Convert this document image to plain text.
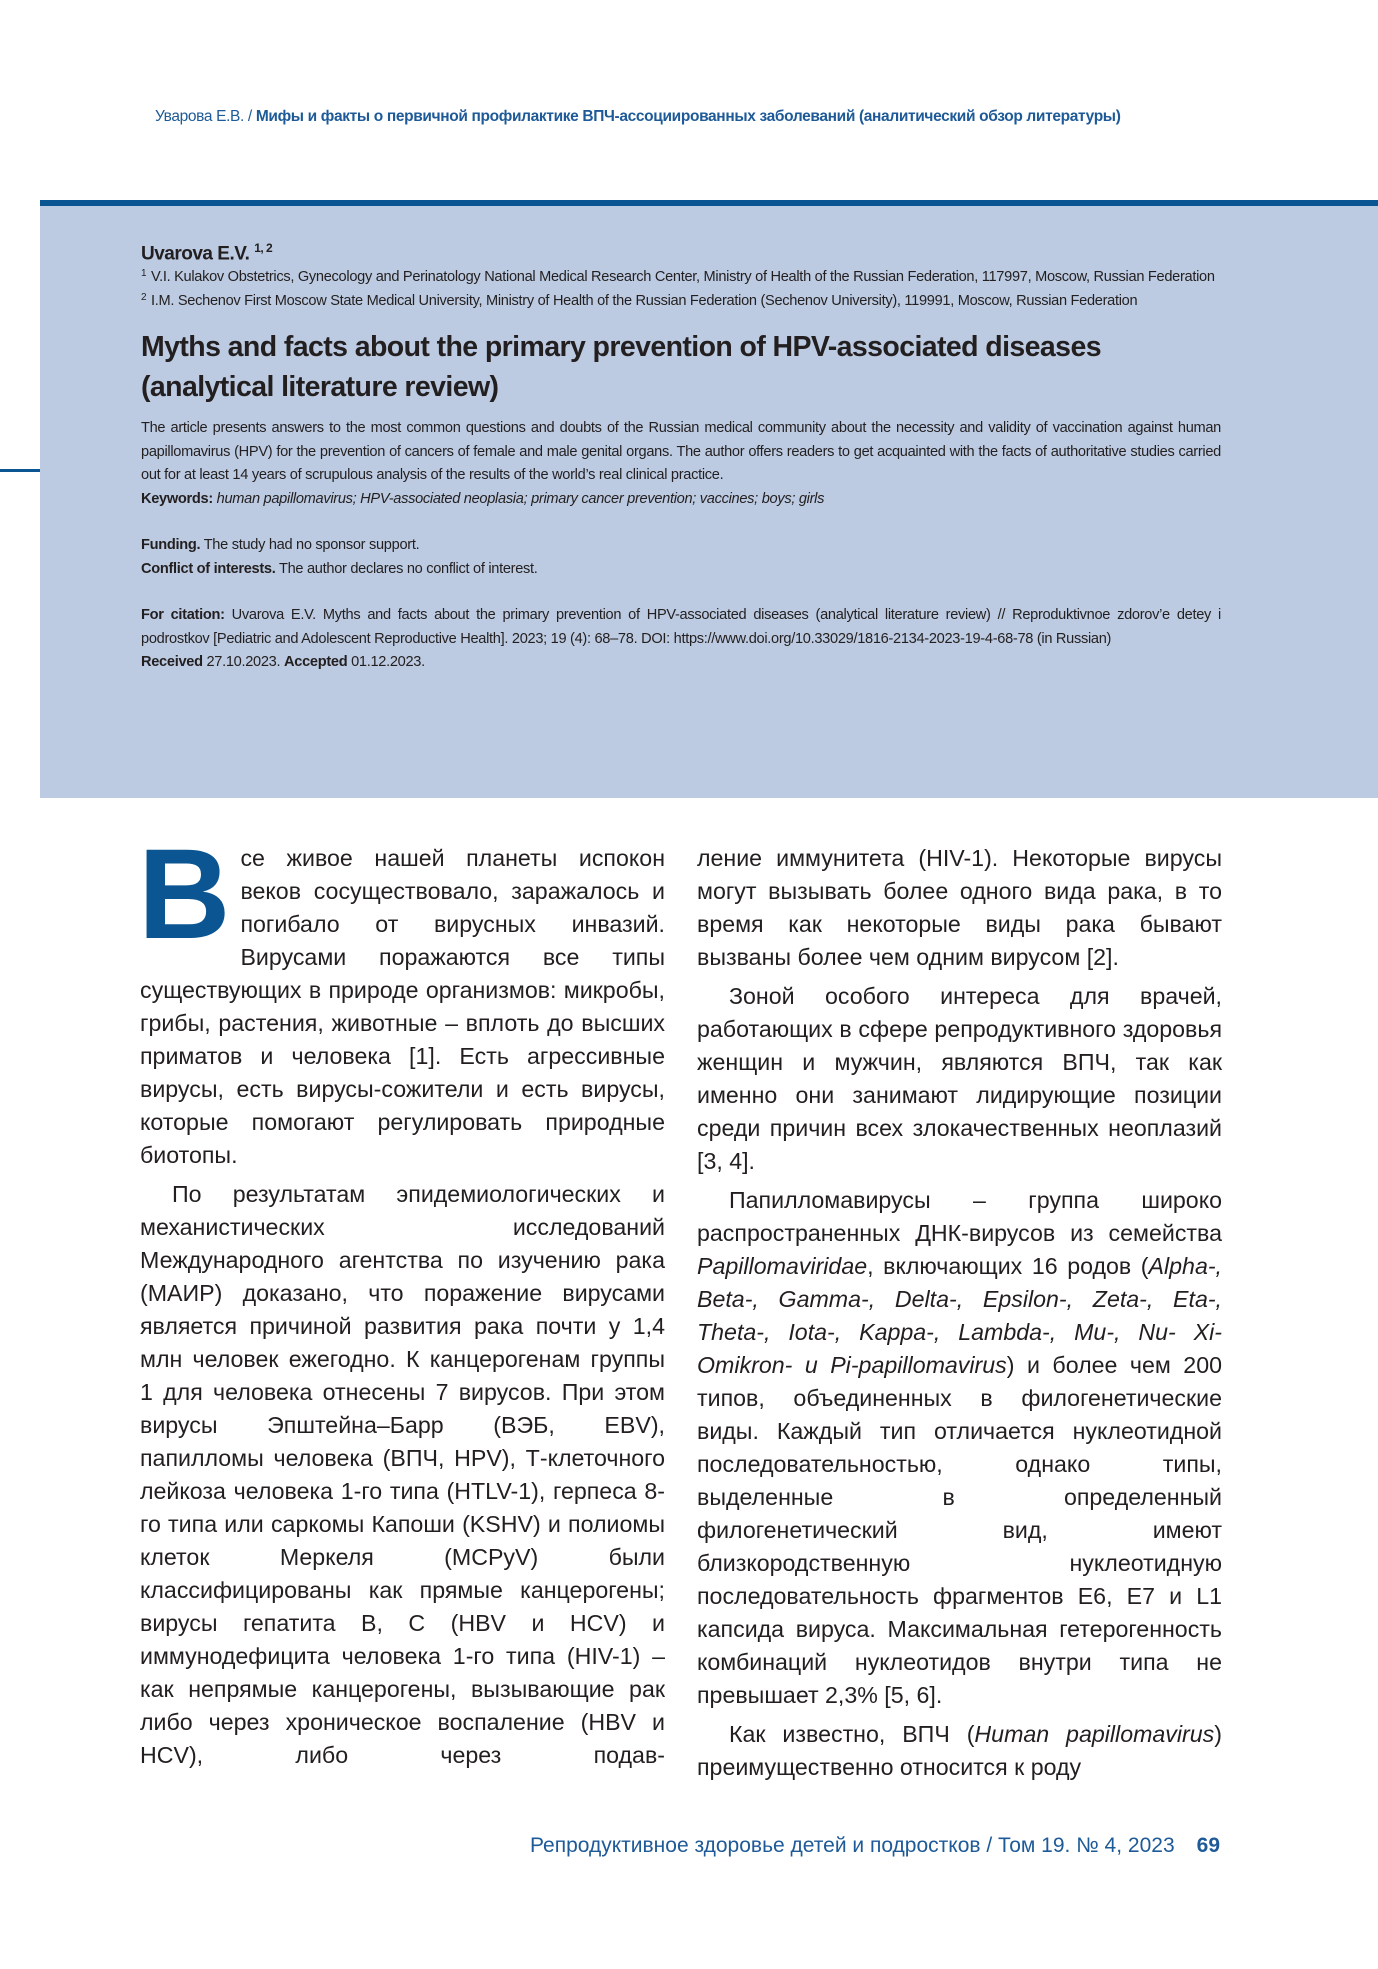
Уварова Е.В. / Мифы и факты о первичной профилактике ВПЧ-ассоциированных заболеваний (аналитический обзор литературы)
Uvarova E.V. $^{1, 2}$
1 V.I. Kulakov Obstetrics, Gynecology and Perinatology National Medical Research Center, Ministry of Health of the Russian Federation, 117997, Moscow, Russian Federation
2 I.M. Sechenov First Moscow State Medical University, Ministry of Health of the Russian Federation (Sechenov University), 119991, Moscow, Russian Federation
Myths and facts about the primary prevention of HPV-associated diseases
(analytical literature review)
The article presents answers to the most common questions and doubts of the Russian medical community about the necessity and validity of vaccination against human papillomavirus (HPV) for the prevention of cancers of female and male genital organs. The author offers readers to get acquainted with the facts of authoritative studies carried out for at least 14 years of scrupulous analysis of the results of the world’s real clinical practice.
Keywords: human papillomavirus; HPV-associated neoplasia; primary cancer prevention; vaccines; boys; girls
Funding. The study had no sponsor support.
Conflict of interests. The author declares no conflict of interest.
For citation: Uvarova E.V. Myths and facts about the primary prevention of HPV-associated diseases (analytical literature review) // Reproduktivnoe zdorov’e detey i podrostkov [Pediatric and Adolescent Reproductive Health]. 2023; 19 (4): 68–78. DOI: https://www.doi.org/10.33029/1816-2134-2023-19-4-68-78 (in Russian)
Received 27.10.2023. Accepted 01.12.2023.

Все живое нашей планеты испокон веков сосуществовало, заражалось и погибало от вирусных инвазий. Вирусами поражаются все типы существующих в природе организмов: микробы, грибы, растения, животные – вплоть до высших приматов и человека [1]. Есть агрессивные вирусы, есть вирусы-сожители и есть вирусы, которые помогают регулировать природные биотопы.

По результатам эпидемиологических и механистических исследований Международного агентства по изучению рака (МАИР) доказано, что поражение вирусами является причиной развития рака почти у 1,4 млн человек ежегодно. К канцерогенам группы 1 для человека отнесены 7 вирусов. При этом вирусы Эпштейна–Барр (ВЭБ, EBV), папилломы человека (ВПЧ, HPV), Т-клеточного лейкоза человека 1-го типа (HTLV-1), герпеса 8-го типа или саркомы Капоши (KSHV) и полиомы клеток Меркеля (MCPyV) были классифицированы как прямые канцерогены; вирусы гепатита В, С (HBV и HCV) и иммунодефицита человека 1-го типа (HIV-1) – как непрямые канцерогены, вызывающие рак либо через хроническое воспаление (HBV и HCV), либо через подав-

ление иммунитета (HIV-1). Некоторые вирусы могут вызывать более одного вида рака, в то время как некоторые виды рака бывают вызваны более чем одним вирусом [2].

Зоной особого интереса для врачей, работающих в сфере репродуктивного здоровья женщин и мужчин, являются ВПЧ, так как именно они занимают лидирующие позиции среди причин всех злокачественных неоплазий [3, 4].

Папилломавирусы – группа широко распространенных ДНК-вирусов из семейства Papillomaviridae, включающих 16 родов (Alpha-, Beta-, Gamma-, Delta-, Epsilon-, Zeta-, Eta-, Theta-, Iota-, Kappa-, Lambda-, Mu-, Nu- Xi- Omikron- и Pi-papillomavirus) и более чем 200 типов, объединенных в филогенетические виды. Каждый тип отличается нуклеотидной последовательностью, однако типы, выделенные в определенный филогенетический вид, имеют близкородственную нуклеотидную последовательность фрагментов E6, E7 и L1 капсида вируса. Максимальная гетерогенность комбинаций нуклеотидов внутри типа не превышает 2,3% [5, 6].

Как известно, ВПЧ (Human papillomavirus) преимущественно относится к роду

Репродуктивное здоровье детей и подростков / Том 19. № 4, 2023 69
